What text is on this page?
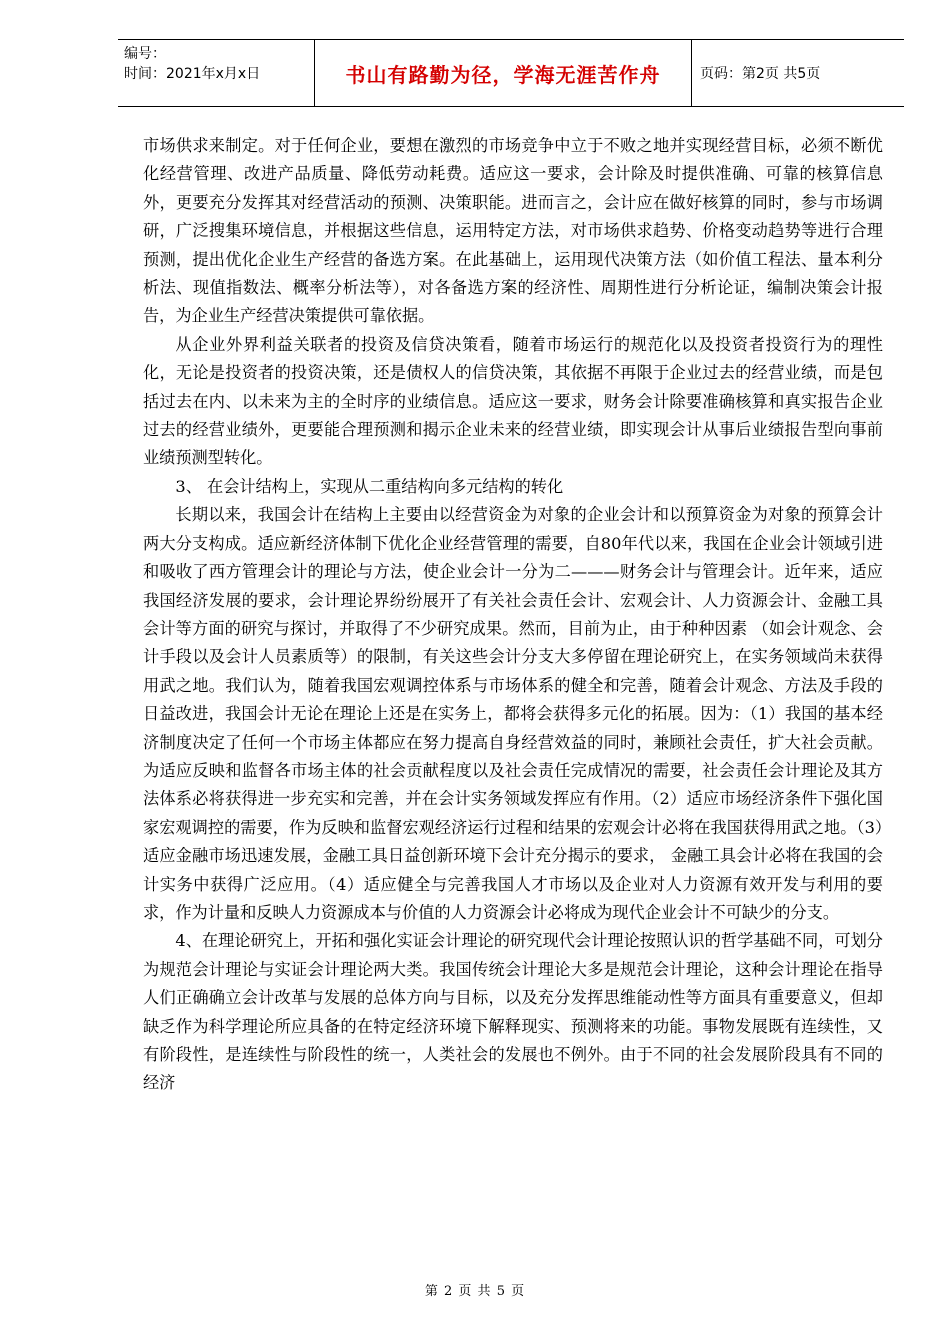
编号：
时间：2021年x月x日	书山有路勤为径，学海无涯苦作舟	页码：第2页 共5页

市场供求来制定。对于任何企业，要想在激烈的市场竞争中立于不败之地并实现经营目标，必须不断优化经营管理、改进产品质量、降低劳动耗费。适应这一要求，会计除及时提供准确、可靠的核算信息外，更要充分发挥其对经营活动的预测、决策职能。进而言之，会计应在做好核算的同时，参与市场调研，广泛搜集环境信息，并根据这些信息，运用特定方法，对市场供求趋势、价格变动趋势等进行合理预测，提出优化企业生产经营的备选方案。在此基础上，运用现代决策方法（如价值工程法、量本利分析法、现值指数法、概率分析法等），对各备选方案的经济性、周期性进行分析论证，编制决策会计报告，为企业生产经营决策提供可靠依据。

从企业外界利益关联者的投资及信贷决策看，随着市场运行的规范化以及投资者投资行为的理性化，无论是投资者的投资决策，还是债权人的信贷决策，其依据不再限于企业过去的经营业绩，而是包括过去在内、以未来为主的全时序的业绩信息。适应这一要求，财务会计除要准确核算和真实报告企业过去的经营业绩外，更要能合理预测和揭示企业未来的经营业绩，即实现会计从事后业绩报告型向事前业绩预测型转化。

3、 在会计结构上，实现从二重结构向多元结构的转化

长期以来，我国会计在结构上主要由以经营资金为对象的企业会计和以预算资金为对象的预算会计两大分支构成。适应新经济体制下优化企业经营管理的需要，自80年代以来，我国在企业会计领域引进和吸收了西方管理会计的理论与方法，使企业会计一分为二———财务会计与管理会计。近年来，适应我国经济发展的要求，会计理论界纷纷展开了有关社会责任会计、宏观会计、人力资源会计、金融工具会计等方面的研究与探讨，并取得了不少研究成果。然而，目前为止，由于种种因素 （如会计观念、会计手段以及会计人员素质等）的限制，有关这些会计分支大多停留在理论研究上，在实务领域尚未获得用武之地。我们认为，随着我国宏观调控体系与市场体系的健全和完善，随着会计观念、方法及手段的日益改进，我国会计无论在理论上还是在实务上，都将会获得多元化的拓展。因为：（1）我国的基本经济制度决定了任何一个市场主体都应在努力提高自身经营效益的同时，兼顾社会责任，扩大社会贡献。为适应反映和监督各市场主体的社会贡献程度以及社会责任完成情况的需要，社会责任会计理论及其方法体系必将获得进一步充实和完善，并在会计实务领域发挥应有作用。（2）适应市场经济条件下强化国家宏观调控的需要，作为反映和监督宏观经济运行过程和结果的宏观会计必将在我国获得用武之地。（3）适应金融市场迅速发展，金融工具日益创新环境下会计充分揭示的要求， 金融工具会计必将在我国的会计实务中获得广泛应用。（4）适应健全与完善我国人才市场以及企业对人力资源有效开发与利用的要求，作为计量和反映人力资源成本与价值的人力资源会计必将成为现代企业会计不可缺少的分支。

4、在理论研究上，开拓和强化实证会计理论的研究现代会计理论按照认识的哲学基础不同，可划分为规范会计理论与实证会计理论两大类。我国传统会计理论大多是规范会计理论，这种会计理论在指导人们正确确立会计改革与发展的总体方向与目标，以及充分发挥思维能动性等方面具有重要意义，但却缺乏作为科学理论所应具备的在特定经济环境下解释现实、预测将来的功能。事物发展既有连续性，又有阶段性，是连续性与阶段性的统一，人类社会的发展也不例外。由于不同的社会发展阶段具有不同的经济

第 2 页 共 5 页
